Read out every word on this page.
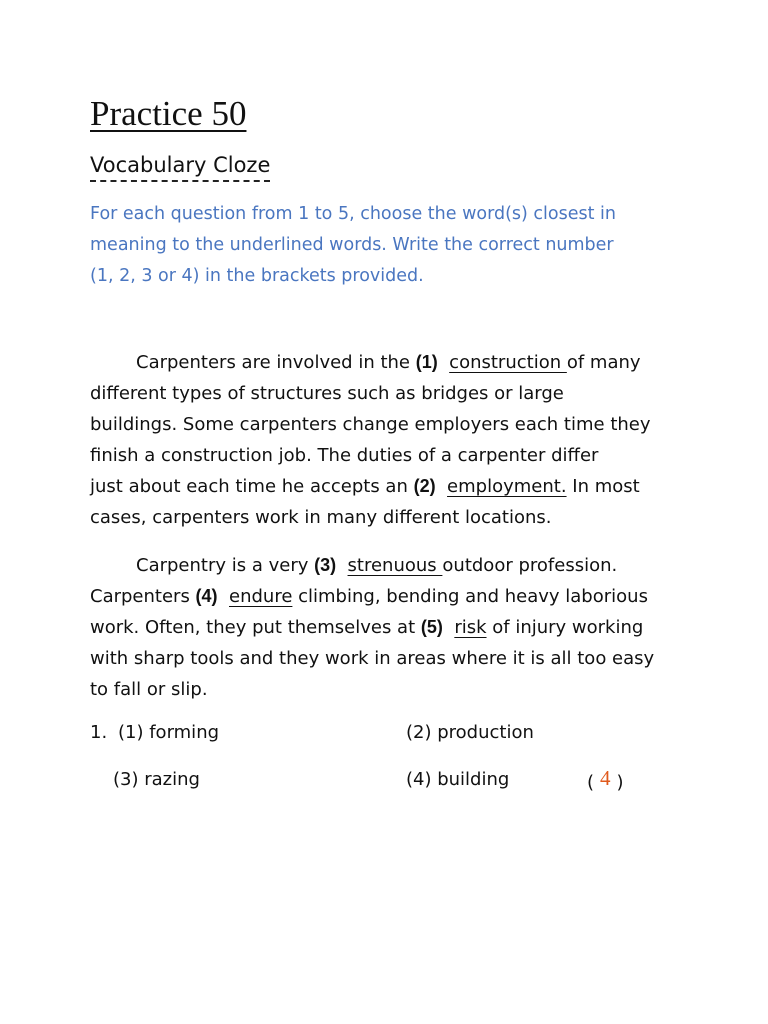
Practice 50
Vocabulary Cloze
For each question from 1 to 5, choose the word(s) closest in
meaning to the underlined words. Write the correct number
(1, 2, 3 or 4) in the brackets provided.
Carpenters are involved in the (1) construction of many
different types of structures such as bridges or large
buildings. Some carpenters change employers each time they
finish a construction job. The duties of a carpenter differ
just about each time he accepts an (2) employment. In most
cases, carpenters work in many different locations.
Carpentry is a very (3) strenuous outdoor profession.
Carpenters (4) endure climbing, bending and heavy laborious
work. Often, they put themselves at (5) risk of injury working
with sharp tools and they work in areas where it is all too easy
to fall or slip.
1. (1) forming	(2) production
(3) razing	(4) building	( 4 )
